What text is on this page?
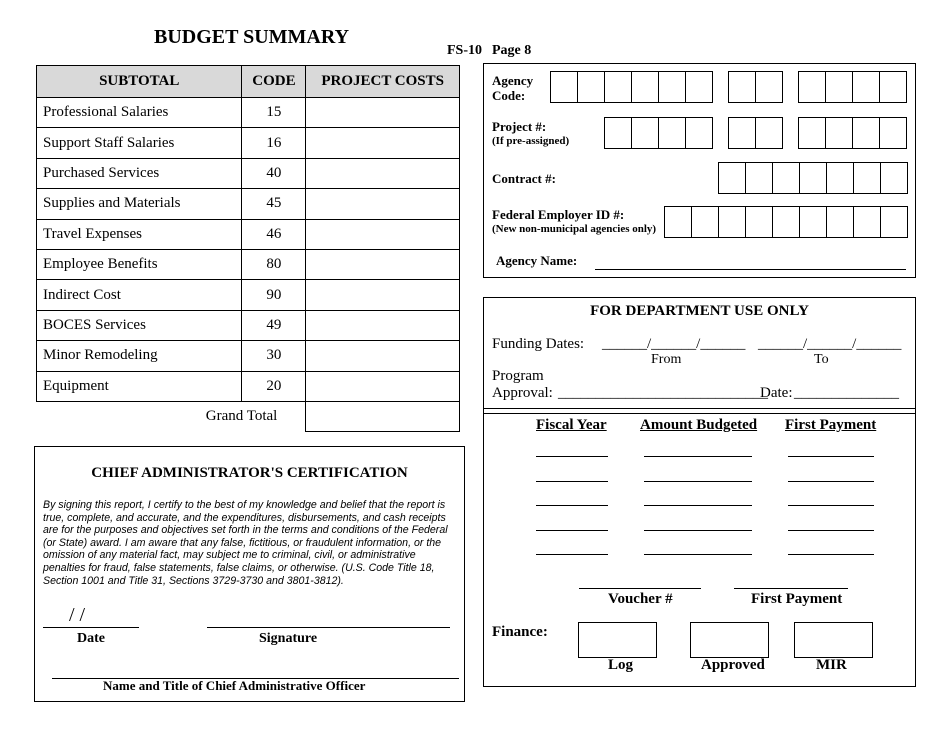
BUDGET SUMMARY
FS-10 Page 8
SUBTOTAL	CODE	PROJECT COSTS
Professional Salaries	15	
Support Staff Salaries	16	
Purchased Services	40	
Supplies and Materials	45	
Travel Expenses	46	
Employee Benefits	80	
Indirect Cost	90	
BOCES Services	49	
Minor Remodeling	30	
Equipment	20	
Grand Total		
CHIEF ADMINISTRATOR'S CERTIFICATION

By signing this report, I certify to the best of my knowledge and belief that the report is true, complete, and accurate, and the expenditures, disbursements, and cash receipts are for the purposes and objectives set forth in the terms and conditions of the Federal (or State) award. I am aware that any false, fictitious, or fraudulent information, or the omission of any material fact, may subject me to criminal, civil, or administrative penalties for fraud, false statements, false claims, or otherwise. (U.S. Code Title 18, Section 1001 and Title 31, Sections 3729-3730 and 3801-3812).

/ /
Date	Signature
Name and Title of Chief Administrative Officer
Agency
Code:
Project #:
(If pre-assigned)
Contract #:
Federal Employer ID #:
(New non-municipal agencies only)
Agency Name:
FOR DEPARTMENT USE ONLY
Funding Dates: ______/______/______ ______/______/______
From	To
Program
Approval: ____________________________
Date: ______________
Fiscal Year Amount Budgeted First Payment
Voucher #	First Payment
Finance:
Log	Approved	MIR
